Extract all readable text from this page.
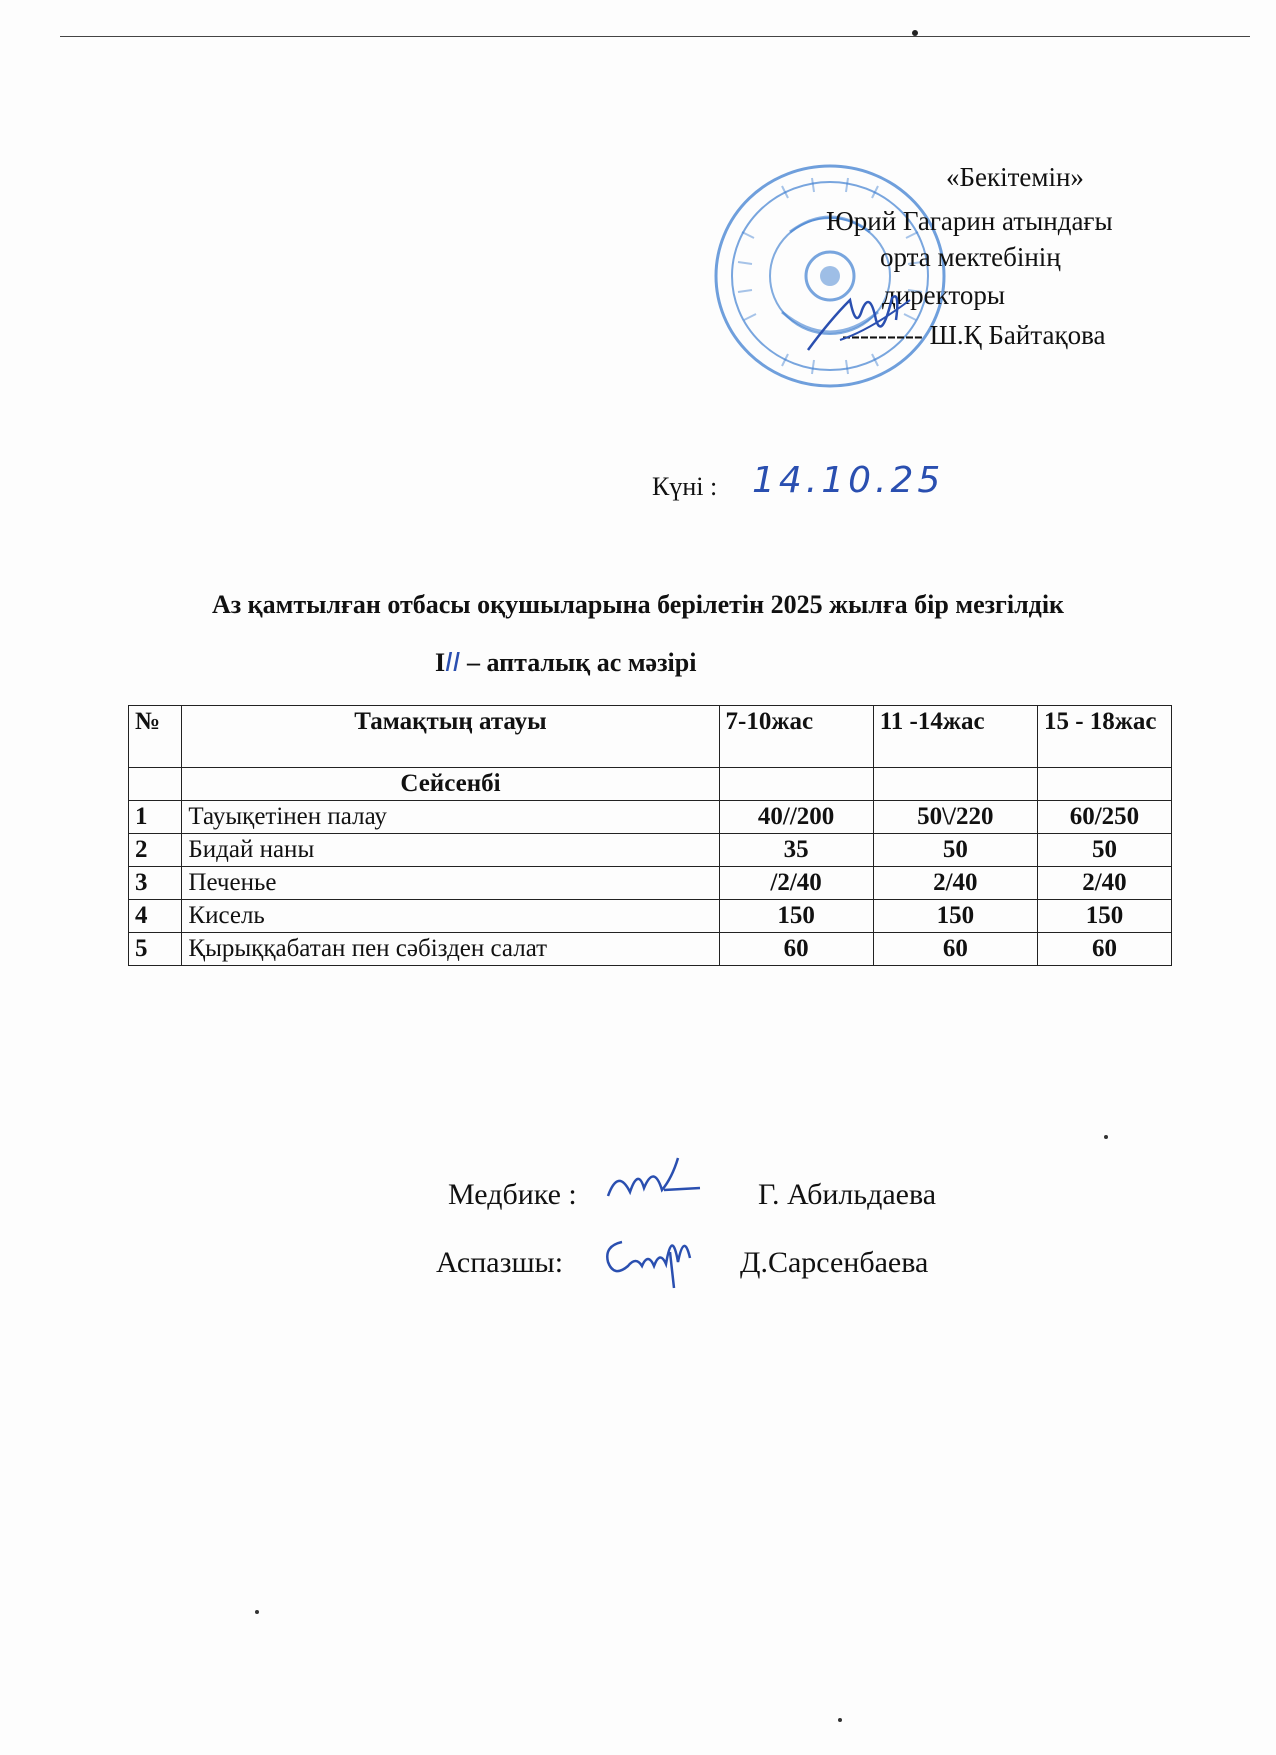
«Бекітемін»
Юрий Гагарин атындағы
орта мектебінің
директоры
--------- Ш.Қ Байтақова
Күні : 14.10.25
Аз қамтылған отбасы оқушыларына берілетін 2025 жылға бір мезгілдік
III – апталық ас мәзірі
№	Тамақтың атауы	7-10жас	11 -14жас	15 - 18жас
	Сейсенбі			
1	Тауықетінен палау	40//200	50\/220	60/250
2	Бидай наны	35	50	50
3	Печенье	/2/40	2/40	2/40
4	Кисель	150	150	150
5	Қырыққабатан пен сәбізден салат	60	60	60
Медбике :	Г. Абильдаева
Аспазшы:	Д.Сарсенбаева
